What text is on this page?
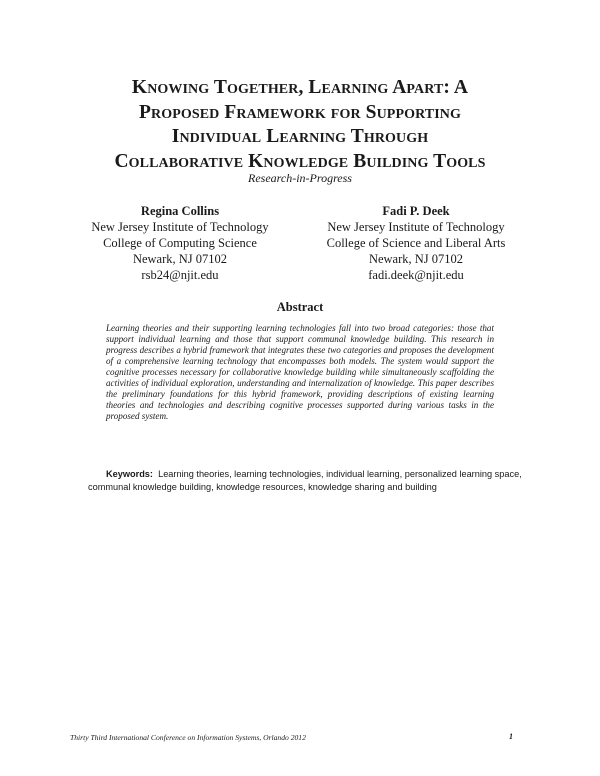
Knowing Together, Learning Apart: A
Proposed Framework for Supporting
Individual Learning Through
Collaborative Knowledge Building Tools
Research-in-Progress
Regina Collins
New Jersey Institute of Technology
College of Computing Science
Newark, NJ 07102
rsb24@njit.edu
Fadi P. Deek
New Jersey Institute of Technology
College of Science and Liberal Arts
Newark, NJ 07102
fadi.deek@njit.edu
Abstract
Learning theories and their supporting learning technologies fall into two broad categories: those that support individual learning and those that support communal knowledge building. This research in progress describes a hybrid framework that integrates these two categories and proposes the development of a comprehensive learning technology that encompasses both models. The system would support the cognitive processes necessary for collaborative knowledge building while simultaneously scaffolding the activities of individual exploration, understanding and internalization of knowledge. This paper describes the preliminary foundations for this hybrid framework, providing descriptions of existing learning theories and technologies and describing cognitive processes supported during various tasks in the proposed system.
Keywords:  Learning theories, learning technologies, individual learning, personalized learning space, communal knowledge building, knowledge resources, knowledge sharing and building
Thirty Third International Conference on Information Systems, Orlando 2012	1
